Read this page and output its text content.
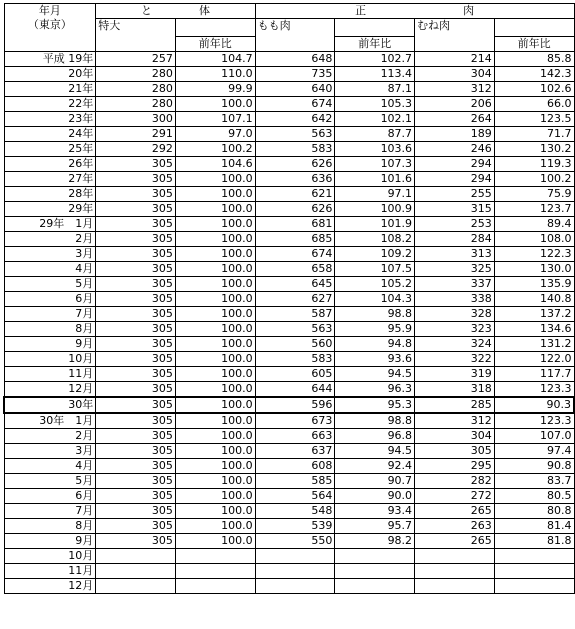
年月
（東京）	と 体		正 肉			
	特大		もも肉		むね肉	
		前年比		前年比		前年比
平成 19年	257	104.7	648	102.7	214	85.8
20年	280	110.0	735	113.4	304	142.3
21年	280	99.9	640	87.1	312	102.6
22年	280	100.0	674	105.3	206	66.0
23年	300	107.1	642	102.1	264	123.5
24年	291	97.0	563	87.7	189	71.7
25年	292	100.2	583	103.6	246	130.2
26年	305	104.6	626	107.3	294	119.3
27年	305	100.0	636	101.6	294	100.2
28年	305	100.0	621	97.1	255	75.9
29年	305	100.0	626	100.9	315	123.7
29年　1月	305	100.0	681	101.9	253	89.4
2月	305	100.0	685	108.2	284	108.0
3月	305	100.0	674	109.2	313	122.3
4月	305	100.0	658	107.5	325	130.0
5月	305	100.0	645	105.2	337	135.9
6月	305	100.0	627	104.3	338	140.8
7月	305	100.0	587	98.8	328	137.2
8月	305	100.0	563	95.9	323	134.6
9月	305	100.0	560	94.8	324	131.2
10月	305	100.0	583	93.6	322	122.0
11月	305	100.0	605	94.5	319	117.7
12月	305	100.0	644	96.3	318	123.3
30年	305	100.0	596	95.3	285	90.3
30年　1月	305	100.0	673	98.8	312	123.3
2月	305	100.0	663	96.8	304	107.0
3月	305	100.0	637	94.5	305	97.4
4月	305	100.0	608	92.4	295	90.8
5月	305	100.0	585	90.7	282	83.7
6月	305	100.0	564	90.0	272	80.5
7月	305	100.0	548	93.4	265	80.8
8月	305	100.0	539	95.7	263	81.4
9月	305	100.0	550	98.2	265	81.8
10月						
11月						
12月						
